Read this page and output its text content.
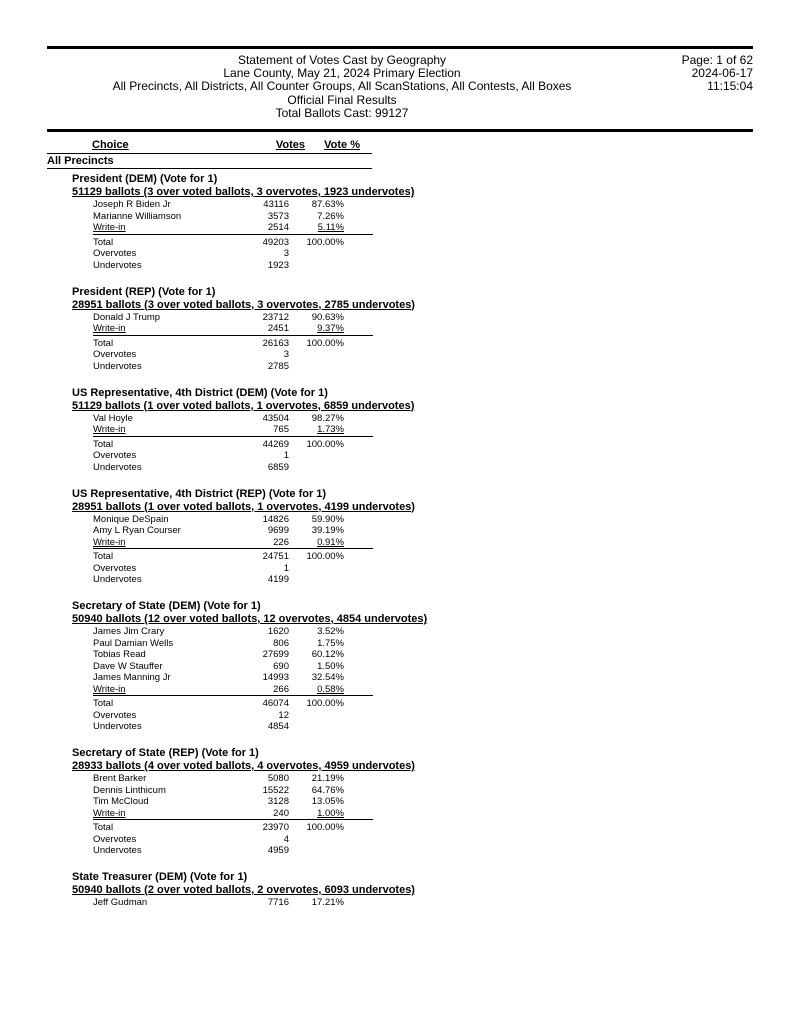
Statement of Votes Cast by Geography
Lane County, May 21, 2024 Primary Election
All Precincts, All Districts, All Counter Groups, All ScanStations, All Contests, All Boxes
Official Final Results
Total Ballots Cast: 99127
Page: 1 of 62
2024-06-17
11:15:04
Choice	Votes	Vote %
All Precincts
President (DEM) (Vote for 1)
51129 ballots (3 over voted ballots, 3 overvotes, 1923 undervotes)
Joseph R Biden Jr	43116	87.63%
Marianne Williamson	3573	7.26%
Write-in	2514	5.11%
Total	49203	100.00%
Overvotes	3
Undervotes	1923
President (REP) (Vote for 1)
28951 ballots (3 over voted ballots, 3 overvotes, 2785 undervotes)
Donald J Trump	23712	90.63%
Write-in	2451	9.37%
Total	26163	100.00%
Overvotes	3
Undervotes	2785
US Representative, 4th District (DEM) (Vote for 1)
51129 ballots (1 over voted ballots, 1 overvotes, 6859 undervotes)
Val Hoyle	43504	98.27%
Write-in	765	1.73%
Total	44269	100.00%
Overvotes	1
Undervotes	6859
US Representative, 4th District (REP) (Vote for 1)
28951 ballots (1 over voted ballots, 1 overvotes, 4199 undervotes)
Monique DeSpain	14826	59.90%
Amy L Ryan Courser	9699	39.19%
Write-in	226	0.91%
Total	24751	100.00%
Overvotes	1
Undervotes	4199
Secretary of State (DEM) (Vote for 1)
50940 ballots (12 over voted ballots, 12 overvotes, 4854 undervotes)
James Jim Crary	1620	3.52%
Paul Damian Wells	806	1.75%
Tobias Read	27699	60.12%
Dave W Stauffer	690	1.50%
James Manning Jr	14993	32.54%
Write-in	266	0.58%
Total	46074	100.00%
Overvotes	12
Undervotes	4854
Secretary of State (REP) (Vote for 1)
28933 ballots (4 over voted ballots, 4 overvotes, 4959 undervotes)
Brent Barker	5080	21.19%
Dennis Linthicum	15522	64.76%
Tim McCloud	3128	13.05%
Write-in	240	1.00%
Total	23970	100.00%
Overvotes	4
Undervotes	4959
State Treasurer (DEM) (Vote for 1)
50940 ballots (2 over voted ballots, 2 overvotes, 6093 undervotes)
Jeff Gudman	7716	17.21%
